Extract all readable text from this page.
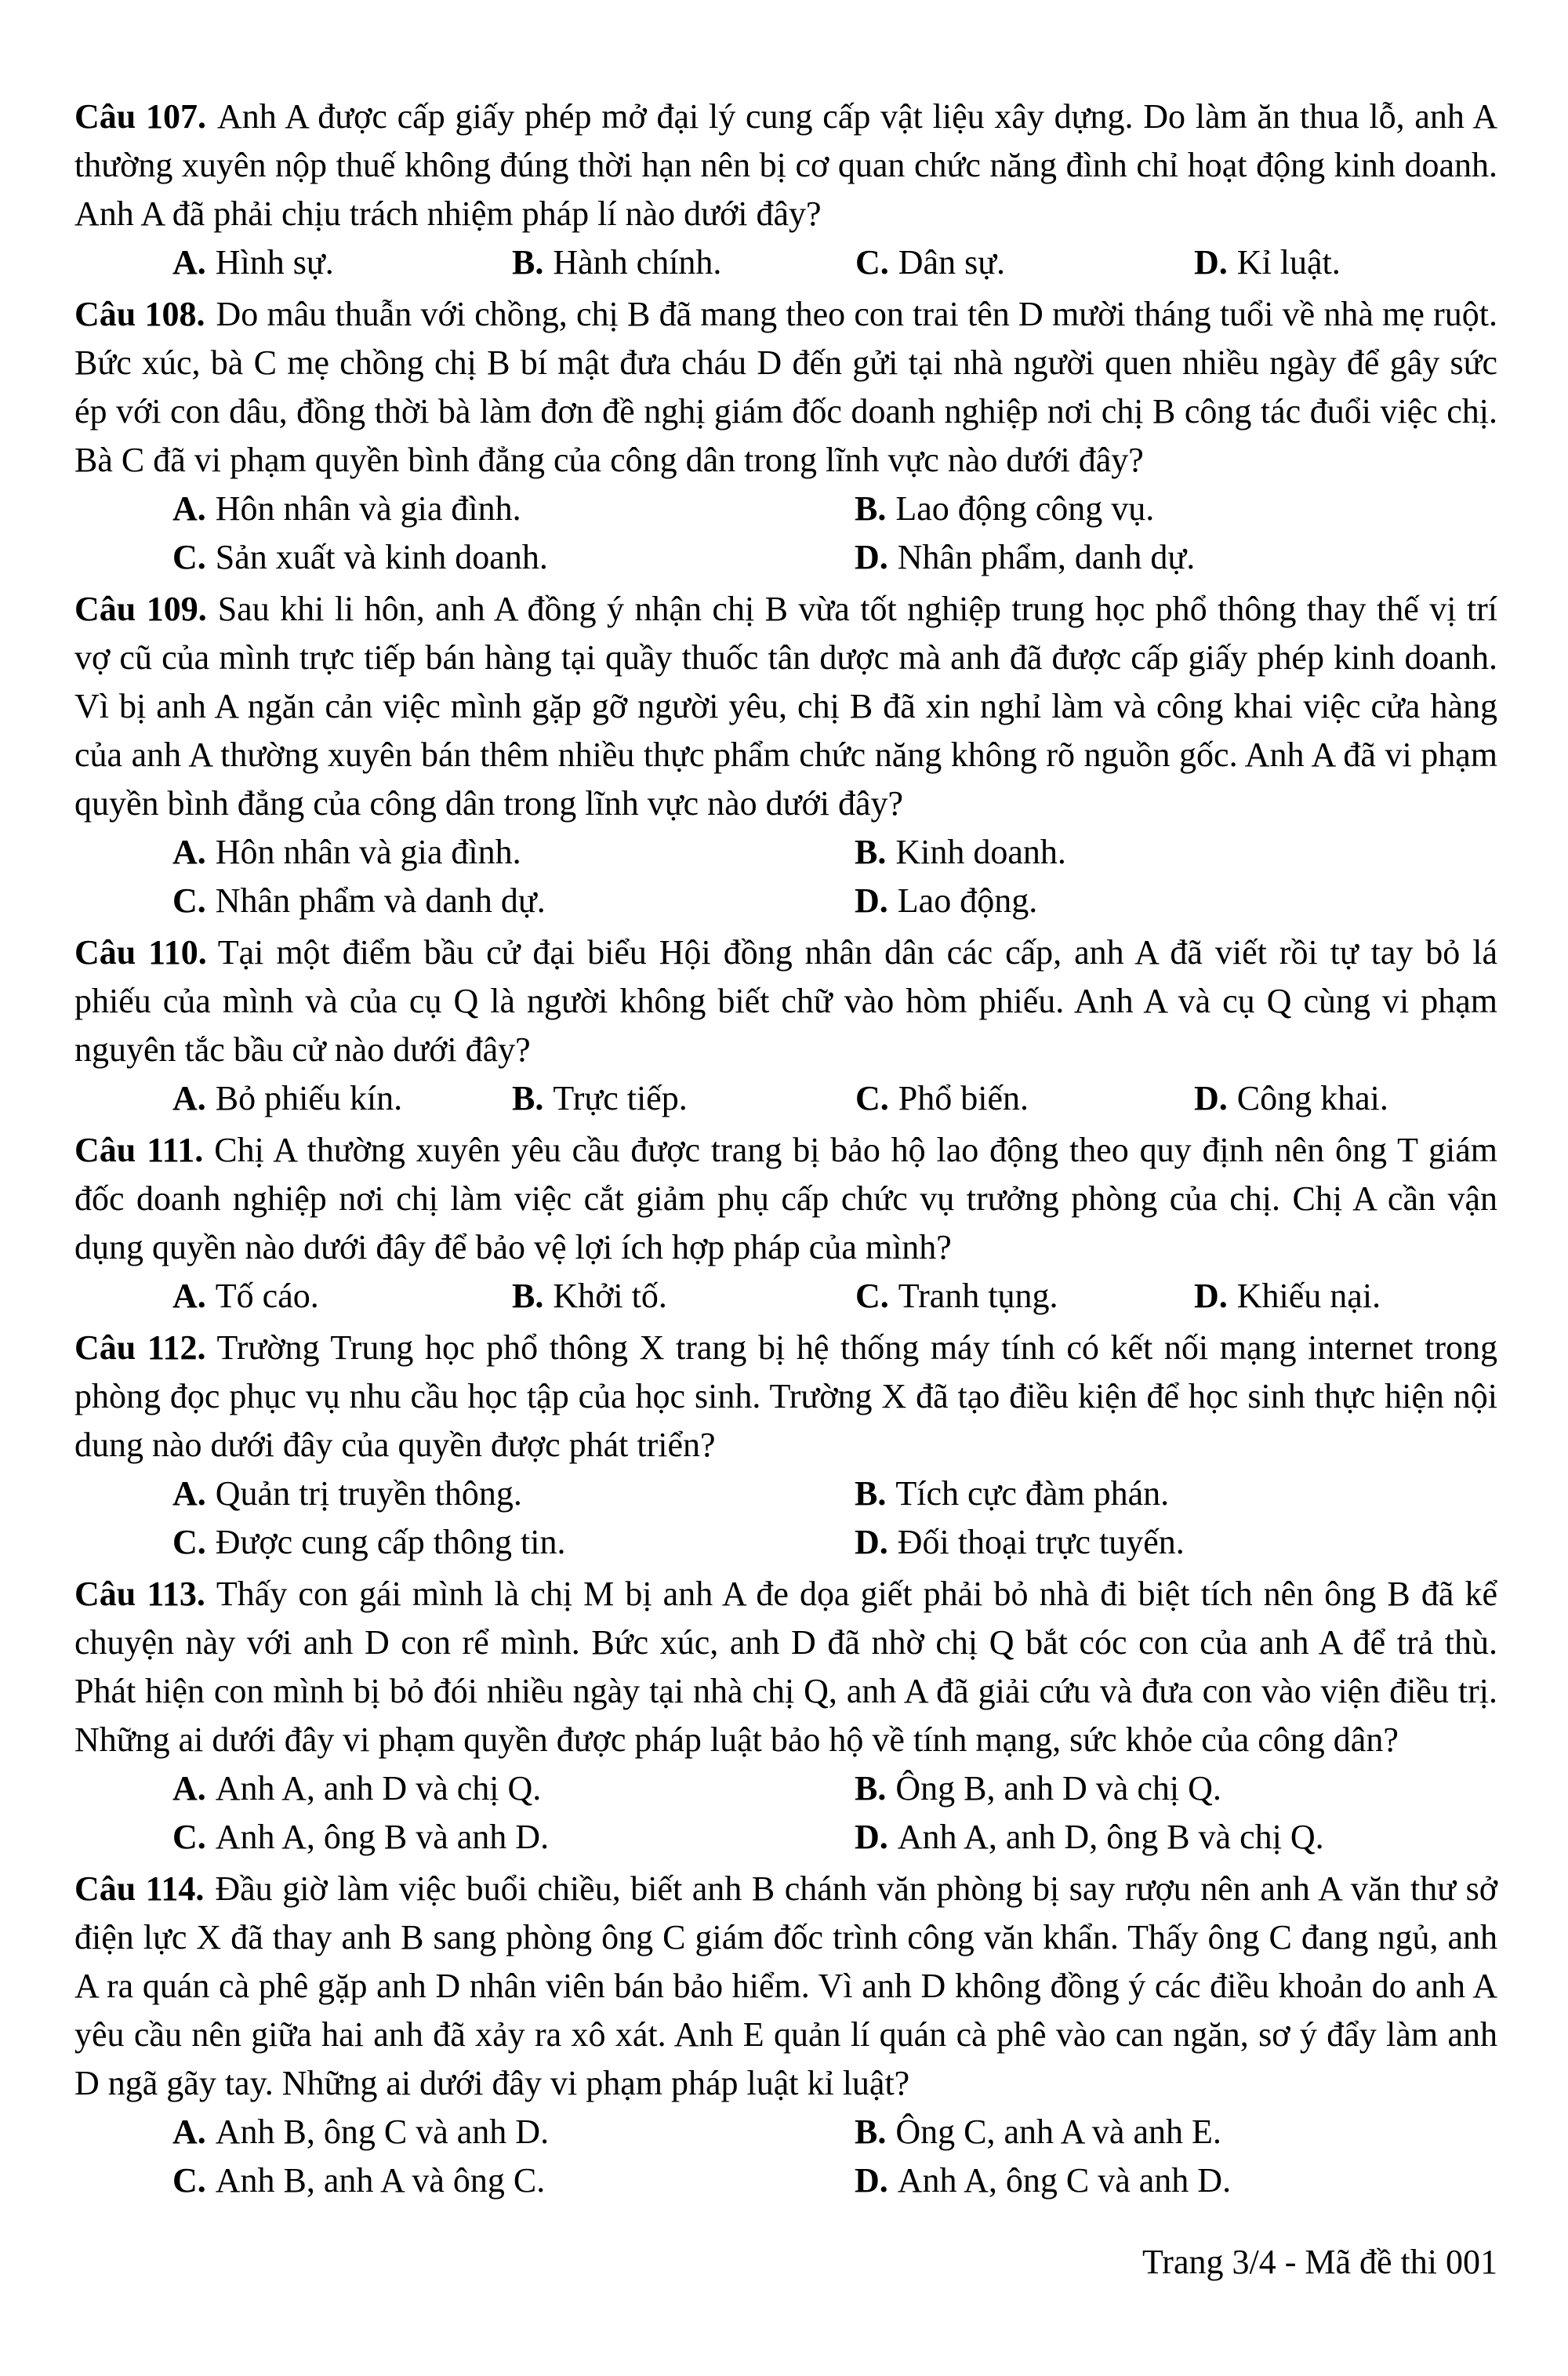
Câu 107. Anh A được cấp giấy phép mở đại lý cung cấp vật liệu xây dựng. Do làm ăn thua lỗ, anh A thường xuyên nộp thuế không đúng thời hạn nên bị cơ quan chức năng đình chỉ hoạt động kinh doanh. Anh A đã phải chịu trách nhiệm pháp lí nào dưới đây?

A. Hình sự.	B. Hành chính.	C. Dân sự.	D. Kỉ luật.

Câu 108. Do mâu thuẫn với chồng, chị B đã mang theo con trai tên D mười tháng tuổi về nhà mẹ ruột. Bức xúc, bà C mẹ chồng chị B bí mật đưa cháu D đến gửi tại nhà người quen nhiều ngày để gây sức ép với con dâu, đồng thời bà làm đơn đề nghị giám đốc doanh nghiệp nơi chị B công tác đuổi việc chị. Bà C đã vi phạm quyền bình đẳng của công dân trong lĩnh vực nào dưới đây?

A. Hôn nhân và gia đình.	B. Lao động công vụ.
C. Sản xuất và kinh doanh.	D. Nhân phẩm, danh dự.

Câu 109. Sau khi li hôn, anh A đồng ý nhận chị B vừa tốt nghiệp trung học phổ thông thay thế vị trí vợ cũ của mình trực tiếp bán hàng tại quầy thuốc tân dược mà anh đã được cấp giấy phép kinh doanh. Vì bị anh A ngăn cản việc mình gặp gỡ người yêu, chị B đã xin nghỉ làm và công khai việc cửa hàng của anh A thường xuyên bán thêm nhiều thực phẩm chức năng không rõ nguồn gốc. Anh A đã vi phạm quyền bình đẳng của công dân trong lĩnh vực nào dưới đây?

A. Hôn nhân và gia đình.	B. Kinh doanh.
C. Nhân phẩm và danh dự.	D. Lao động.

Câu 110. Tại một điểm bầu cử đại biểu Hội đồng nhân dân các cấp, anh A đã viết rồi tự tay bỏ lá phiếu của mình và của cụ Q là người không biết chữ vào hòm phiếu. Anh A và cụ Q cùng vi phạm nguyên tắc bầu cử nào dưới đây?

A. Bỏ phiếu kín.	B. Trực tiếp.	C. Phổ biến.	D. Công khai.

Câu 111. Chị A thường xuyên yêu cầu được trang bị bảo hộ lao động theo quy định nên ông T giám đốc doanh nghiệp nơi chị làm việc cắt giảm phụ cấp chức vụ trưởng phòng của chị. Chị A cần vận dụng quyền nào dưới đây để bảo vệ lợi ích hợp pháp của mình?

A. Tố cáo.	B. Khởi tố.	C. Tranh tụng.	D. Khiếu nại.

Câu 112. Trường Trung học phổ thông X trang bị hệ thống máy tính có kết nối mạng internet trong phòng đọc phục vụ nhu cầu học tập của học sinh. Trường X đã tạo điều kiện để học sinh thực hiện nội dung nào dưới đây của quyền được phát triển?

A. Quản trị truyền thông.	B. Tích cực đàm phán.
C. Được cung cấp thông tin.	D. Đối thoại trực tuyến.

Câu 113. Thấy con gái mình là chị M bị anh A đe dọa giết phải bỏ nhà đi biệt tích nên ông B đã kể chuyện này với anh D con rể mình. Bức xúc, anh D đã nhờ chị Q bắt cóc con của anh A để trả thù. Phát hiện con mình bị bỏ đói nhiều ngày tại nhà chị Q, anh A đã giải cứu và đưa con vào viện điều trị. Những ai dưới đây vi phạm quyền được pháp luật bảo hộ về tính mạng, sức khỏe của công dân?

A. Anh A, anh D và chị Q.	B. Ông B, anh D và chị Q.
C. Anh A, ông B và anh D.	D. Anh A, anh D, ông B và chị Q.

Câu 114. Đầu giờ làm việc buổi chiều, biết anh B chánh văn phòng bị say rượu nên anh A văn thư sở điện lực X đã thay anh B sang phòng ông C giám đốc trình công văn khẩn. Thấy ông C đang ngủ, anh A ra quán cà phê gặp anh D nhân viên bán bảo hiểm. Vì anh D không đồng ý các điều khoản do anh A yêu cầu nên giữa hai anh đã xảy ra xô xát. Anh E quản lí quán cà phê vào can ngăn, sơ ý đẩy làm anh D ngã gãy tay. Những ai dưới đây vi phạm pháp luật kỉ luật?

A. Anh B, ông C và anh D.	B. Ông C, anh A và anh E.
C. Anh B, anh A và ông C.	D. Anh A, ông C và anh D.
Trang 3/4 - Mã đề thi 001
